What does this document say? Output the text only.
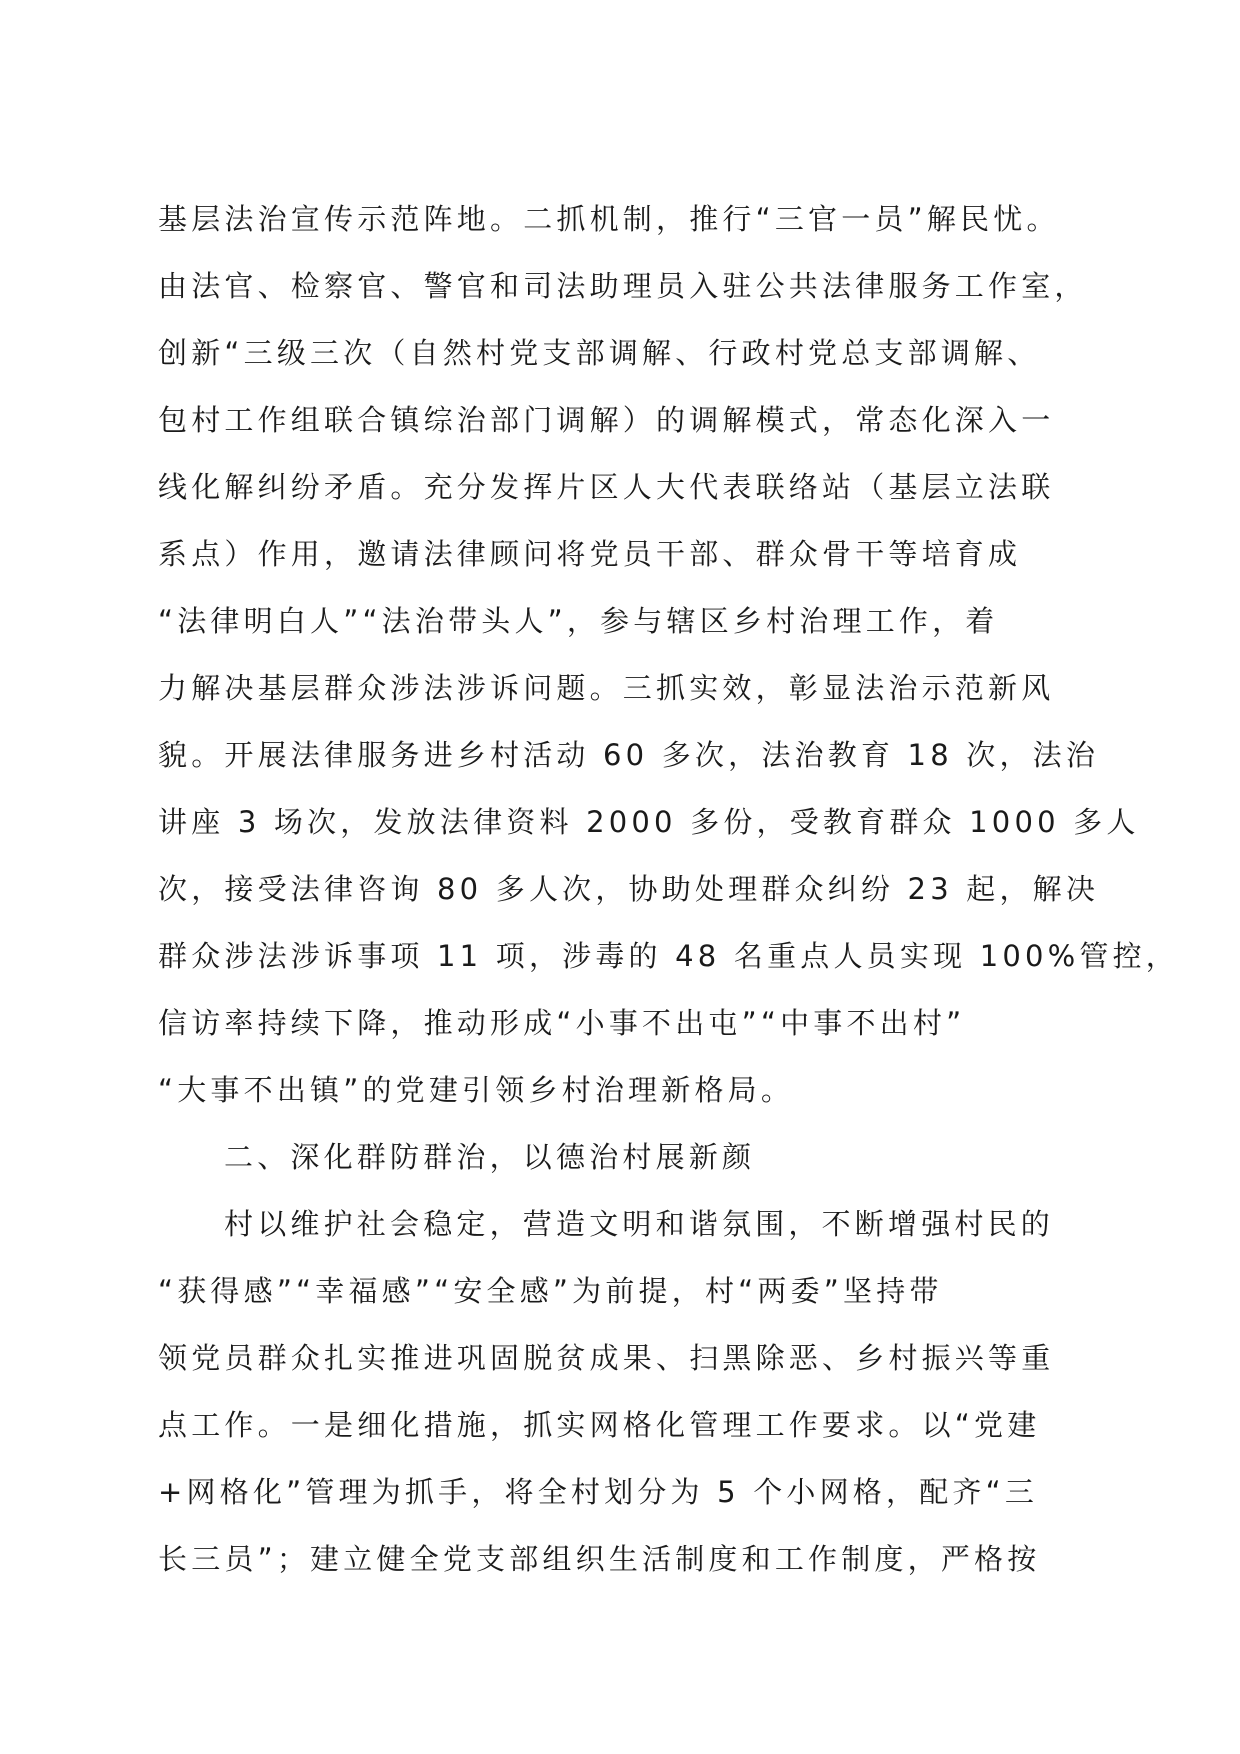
基层法治宣传示范阵地。二抓机制，推行“三官一员”解民忧。
由法官、检察官、警官和司法助理员入驻公共法律服务工作室，
创新“三级三次（自然村党支部调解、行政村党总支部调解、
包村工作组联合镇综治部门调解）的调解模式，常态化深入一
线化解纠纷矛盾。充分发挥片区人大代表联络站（基层立法联
系点）作用，邀请法律顾问将党员干部、群众骨干等培育成
“法律明白人”“法治带头人”，参与辖区乡村治理工作，着
力解决基层群众涉法涉诉问题。三抓实效，彰显法治示范新风
貌。开展法律服务进乡村活动 60 多次，法治教育 18 次，法治
讲座 3 场次，发放法律资料 2000 多份，受教育群众 1000 多人
次，接受法律咨询 80 多人次，协助处理群众纠纷 23 起，解决
群众涉法涉诉事项 11 项，涉毒的 48 名重点人员实现 100%管控，
信访率持续下降，推动形成“小事不出屯”“中事不出村”
“大事不出镇”的党建引领乡村治理新格局。
二、深化群防群治，以德治村展新颜
村以维护社会稳定，营造文明和谐氛围，不断增强村民的
“获得感”“幸福感”“安全感”为前提，村“两委”坚持带
领党员群众扎实推进巩固脱贫成果、扫黑除恶、乡村振兴等重
点工作。一是细化措施，抓实网格化管理工作要求。以“党建
+网格化”管理为抓手，将全村划分为 5 个小网格，配齐“三
长三员”；建立健全党支部组织生活制度和工作制度，严格按
